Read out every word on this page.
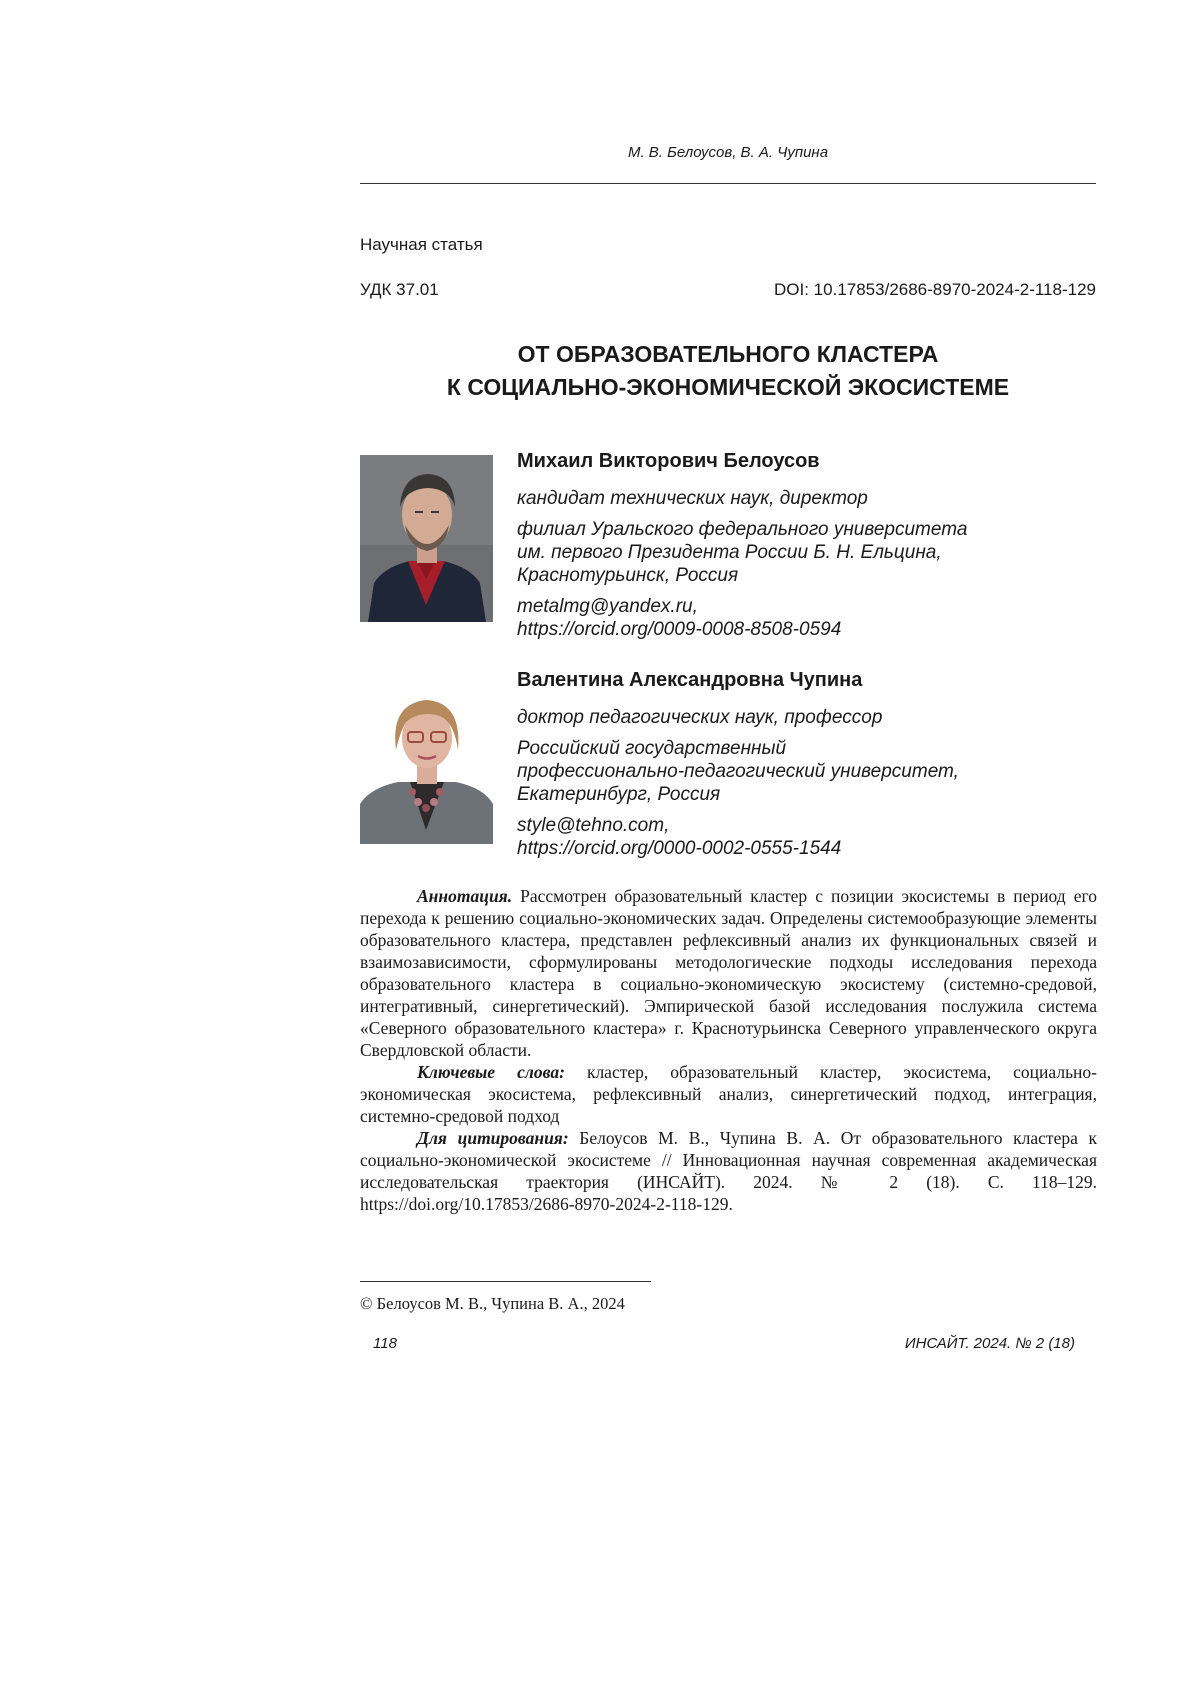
М. В. Белоусов, В. А. Чупина
Научная статья
УДК 37.01	DOI: 10.17853/2686-8970-2024-2-118-129
ОТ ОБРАЗОВАТЕЛЬНОГО КЛАСТЕРА
К СОЦИАЛЬНО-ЭКОНОМИЧЕСКОЙ ЭКОСИСТЕМЕ
Михаил Викторович Белоусов
кандидат технических наук, директор
филиал Уральского федерального университета
им. первого Президента России Б. Н. Ельцина,
Краснотурьинск, Россия
metalmg@yandex.ru,
https://orcid.org/0009-0008-8508-0594
Валентина Александровна Чупина
доктор педагогических наук, профессор
Российский государственный
профессионально-педагогический университет,
Екатеринбург, Россия
style@tehno.com,
https://orcid.org/0000-0002-0555-1544

Аннотация. Рассмотрен образовательный кластер с позиции экосистемы в период его перехода к решению социально-экономических задач. Определены системообразующие элементы образовательного кластера, представлен рефлексивный анализ их функциональных связей и взаимозависимости, сформулированы методологические подходы исследования перехода образовательного кластера в социально-экономическую экосистему (системно-средовой, интегративный, синергетический). Эмпирической базой исследования послужила система «Северного образовательного кластера» г. Краснотурьинска Северного управленческого округа Свердловской области.

Ключевые слова: кластер, образовательный кластер, экосистема, социально-экономическая экосистема, рефлексивный анализ, синергетический подход, интеграция, системно-средовой подход

Для цитирования: Белоусов М. В., Чупина В. А. От образовательного кластера к социально-экономической экосистеме // Инновационная научная современная академическая исследовательская траектория (ИНСАЙТ). 2024. № 2 (18). С. 118–129. https://doi.org/10.17853/2686-8970-2024-2-118-129.

© Белоусов М. В., Чупина В. А., 2024
118	ИНСАЙТ. 2024. № 2 (18)
